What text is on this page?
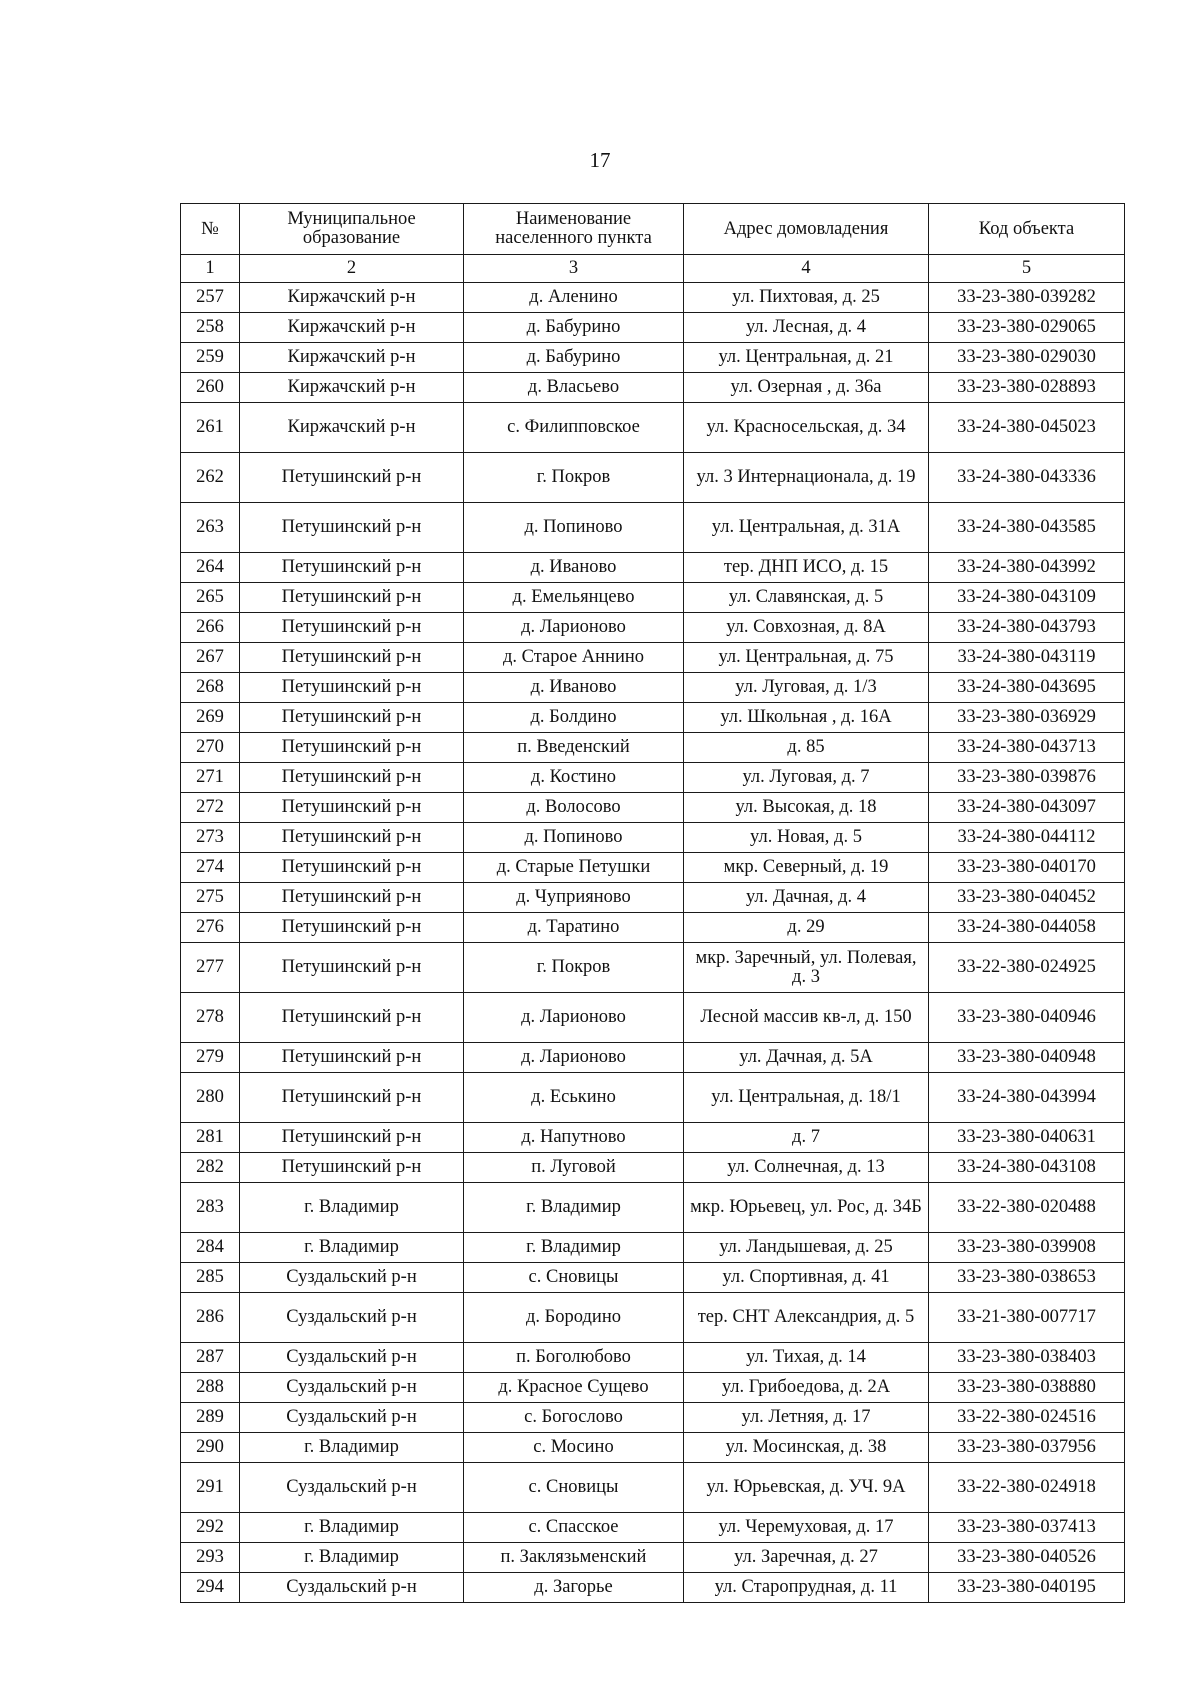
17
№	Муниципальное образование	Наименование населенного пункта	Адрес домовладения	Код объекта
1	2	3	4	5
257	Киржачский р-н	д. Аленино	ул. Пихтовая, д. 25	33-23-380-039282
258	Киржачский р-н	д. Бабурино	ул. Лесная, д. 4	33-23-380-029065
259	Киржачский р-н	д. Бабурино	ул. Центральная, д. 21	33-23-380-029030
260	Киржачский р-н	д. Власьево	ул. Озерная , д. 36а	33-23-380-028893
261	Киржачский р-н	с. Филипповское	ул. Красносельская, д. 34	33-24-380-045023
262	Петушинский р-н	г. Покров	ул. 3 Интернационала, д. 19	33-24-380-043336
263	Петушинский р-н	д. Попиново	ул. Центральная, д. 31А	33-24-380-043585
264	Петушинский р-н	д. Иваново	тер. ДНП ИСО, д. 15	33-24-380-043992
265	Петушинский р-н	д. Емельянцево	ул. Славянская, д. 5	33-24-380-043109
266	Петушинский р-н	д. Ларионово	ул. Совхозная, д. 8А	33-24-380-043793
267	Петушинский р-н	д. Старое Аннино	ул. Центральная, д. 75	33-24-380-043119
268	Петушинский р-н	д. Иваново	ул. Луговая, д. 1/3	33-24-380-043695
269	Петушинский р-н	д. Болдино	ул. Школьная , д. 16А	33-23-380-036929
270	Петушинский р-н	п. Введенский	д. 85	33-24-380-043713
271	Петушинский р-н	д. Костино	ул. Луговая, д. 7	33-23-380-039876
272	Петушинский р-н	д. Волосово	ул. Высокая, д. 18	33-24-380-043097
273	Петушинский р-н	д. Попиново	ул. Новая, д. 5	33-24-380-044112
274	Петушинский р-н	д. Старые Петушки	мкр. Северный, д. 19	33-23-380-040170
275	Петушинский р-н	д. Чуприяново	ул. Дачная, д. 4	33-23-380-040452
276	Петушинский р-н	д. Таратино	д. 29	33-24-380-044058
277	Петушинский р-н	г. Покров	мкр. Заречный, ул. Полевая, д. 3	33-22-380-024925
278	Петушинский р-н	д. Ларионово	Лесной массив кв-л, д. 150	33-23-380-040946
279	Петушинский р-н	д. Ларионово	ул. Дачная, д. 5А	33-23-380-040948
280	Петушинский р-н	д. Еськино	ул. Центральная, д. 18/1	33-24-380-043994
281	Петушинский р-н	д. Напутново	д. 7	33-23-380-040631
282	Петушинский р-н	п. Луговой	ул. Солнечная, д. 13	33-24-380-043108
283	г. Владимир	г. Владимир	мкр. Юрьевец, ул. Рос, д. 34Б	33-22-380-020488
284	г. Владимир	г. Владимир	ул. Ландышевая, д. 25	33-23-380-039908
285	Суздальский р-н	с. Сновицы	ул. Спортивная, д. 41	33-23-380-038653
286	Суздальский р-н	д. Бородино	тер. СНТ Александрия, д. 5	33-21-380-007717
287	Суздальский р-н	п. Боголюбово	ул. Тихая, д. 14	33-23-380-038403
288	Суздальский р-н	д. Красное Сущево	ул. Грибоедова, д. 2А	33-23-380-038880
289	Суздальский р-н	с. Богослово	ул. Летняя, д. 17	33-22-380-024516
290	г. Владимир	с. Мосино	ул. Мосинская, д. 38	33-23-380-037956
291	Суздальский р-н	с. Сновицы	ул. Юрьевская, д. УЧ. 9А	33-22-380-024918
292	г. Владимир	с. Спасское	ул. Черемуховая, д. 17	33-23-380-037413
293	г. Владимир	п. Заклязьменский	ул. Заречная, д. 27	33-23-380-040526
294	Суздальский р-н	д. Загорье	ул. Старопрудная, д. 11	33-23-380-040195
